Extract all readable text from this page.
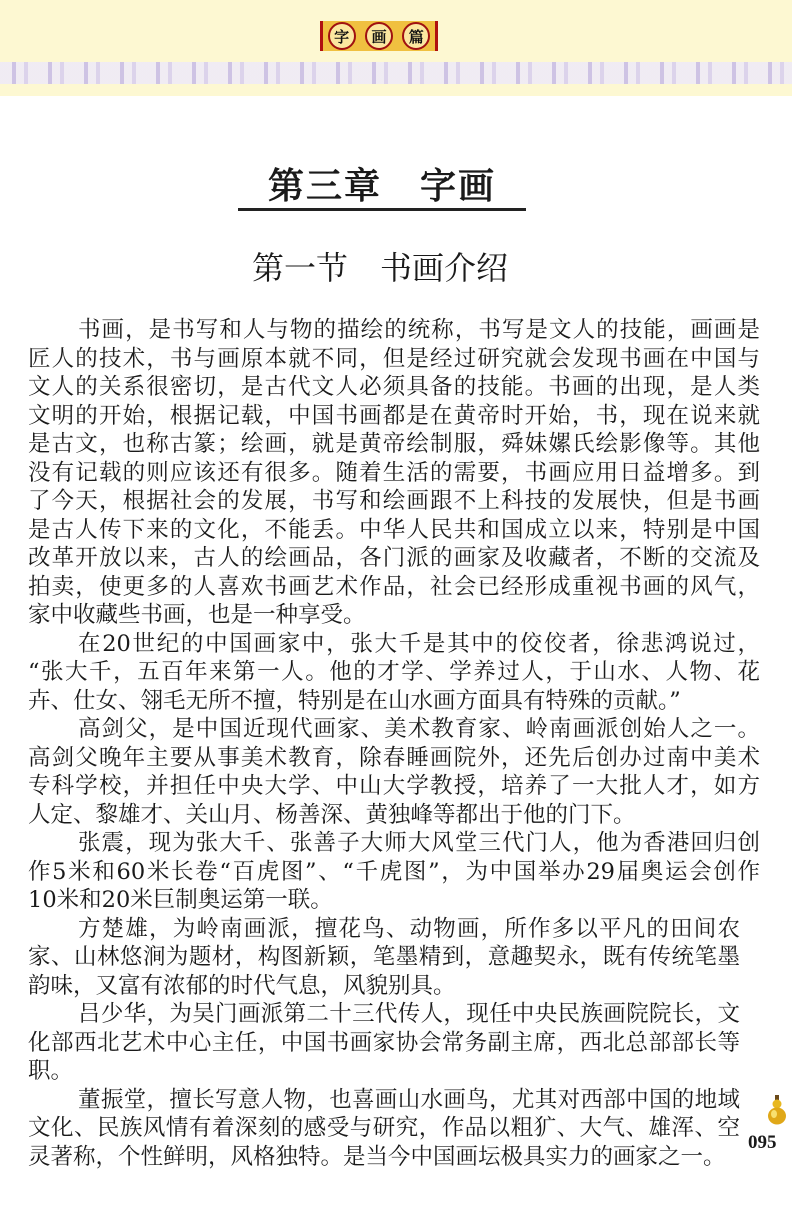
字	画	篇
第三章　字画
第一节　书画介绍
书画，是书写和人与物的描绘的统称，书写是文人的技能，画画是
匠人的技术，书与画原本就不同，但是经过研究就会发现书画在中国与
文人的关系很密切，是古代文人必须具备的技能。书画的出现，是人类
文明的开始，根据记载，中国书画都是在黄帝时开始，书，现在说来就
是古文，也称古篆；绘画，就是黄帝绘制服，舜妹嫘氏绘影像等。其他
没有记载的则应该还有很多。随着生活的需要，书画应用日益增多。到
了今天，根据社会的发展，书写和绘画跟不上科技的发展快，但是书画
是古人传下来的文化，不能丢。中华人民共和国成立以来，特别是中国
改革开放以来，古人的绘画品，各门派的画家及收藏者，不断的交流及
拍卖，使更多的人喜欢书画艺术作品，社会已经形成重视书画的风气，
家中收藏些书画，也是一种享受。
在20世纪的中国画家中，张大千是其中的佼佼者，徐悲鸿说过，
“张大千，五百年来第一人。他的才学、学养过人，于山水、人物、花
卉、仕女、翎毛无所不擅，特别是在山水画方面具有特殊的贡献。”
高剑父，是中国近现代画家、美术教育家、岭南画派创始人之一。
高剑父晚年主要从事美术教育，除春睡画院外，还先后创办过南中美术
专科学校，并担任中央大学、中山大学教授，培养了一大批人才，如方
人定、黎雄才、关山月、杨善深、黄独峰等都出于他的门下。
张震，现为张大千、张善子大师大风堂三代门人，他为香港回归创
作5米和60米长卷“百虎图”、“千虎图”，为中国举办29届奥运会创作
10米和20米巨制奥运第一联。
方楚雄，为岭南画派，擅花鸟、动物画，所作多以平凡的田间农
家、山林悠涧为题材，构图新颖，笔墨精到，意趣契永，既有传统笔墨
韵味，又富有浓郁的时代气息，风貌别具。
吕少华，为吴门画派第二十三代传人，现任中央民族画院院长，文
化部西北艺术中心主任，中国书画家协会常务副主席，西北总部部长等
职。
董振堂，擅长写意人物，也喜画山水画鸟，尤其对西部中国的地域
文化、民族风情有着深刻的感受与研究，作品以粗犷、大气、雄浑、空
灵著称，个性鲜明，风格独特。是当今中国画坛极具实力的画家之一。
095
